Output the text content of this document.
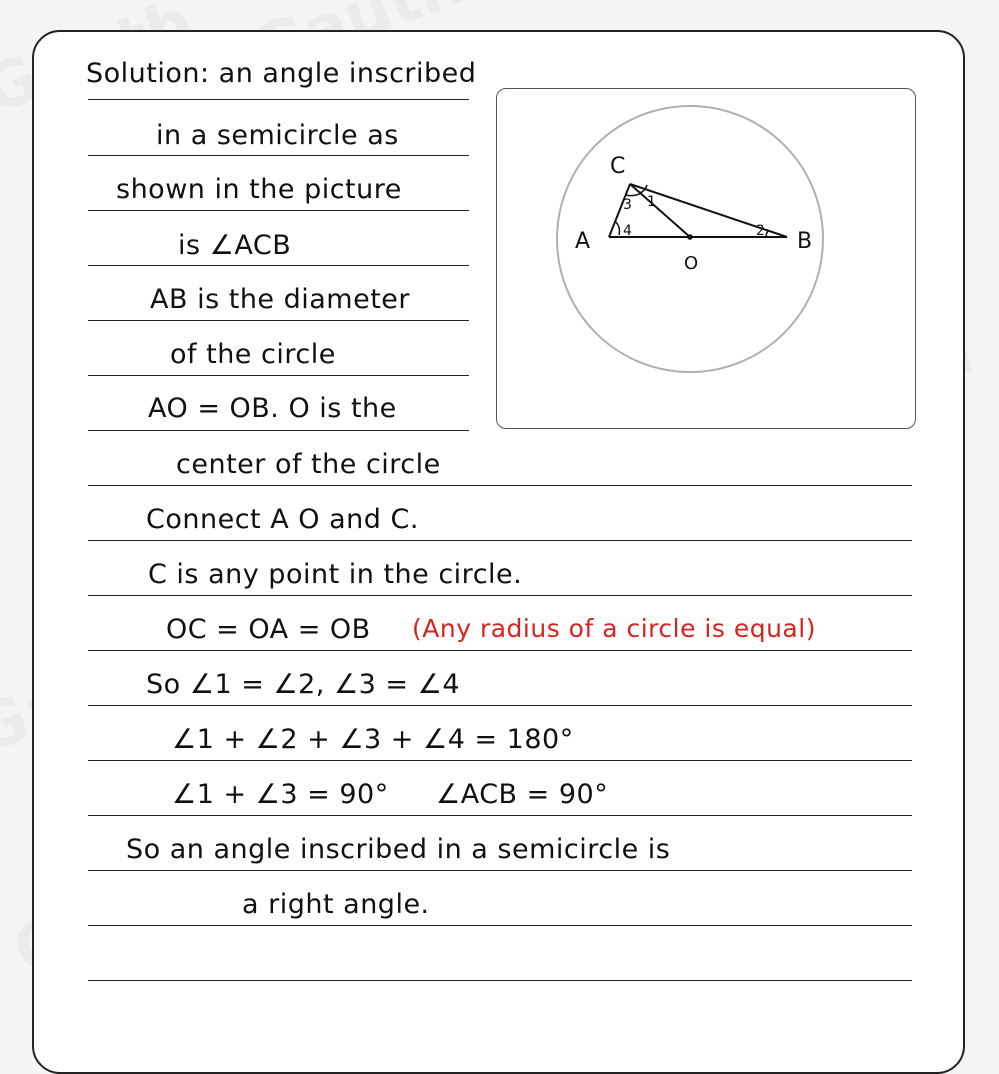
Solution: an angle inscribed
in a semicircle as
shown in the picture
is ∠ACB
AB is the diameter
of the circle
AO = OB. O is the
center of the circle
Connect A O and C.
C is any point in the circle.
OC = OA = OB (Any radius of a circle is equal)
So ∠1 = ∠2, ∠3 = ∠4
∠1 + ∠2 + ∠3 + ∠4 = 180°
∠1 + ∠3 = 90° ∠ACB = 90°
So an angle inscribed in a semicircle is
a right angle.
C
A	B
O
3 1
4	2
